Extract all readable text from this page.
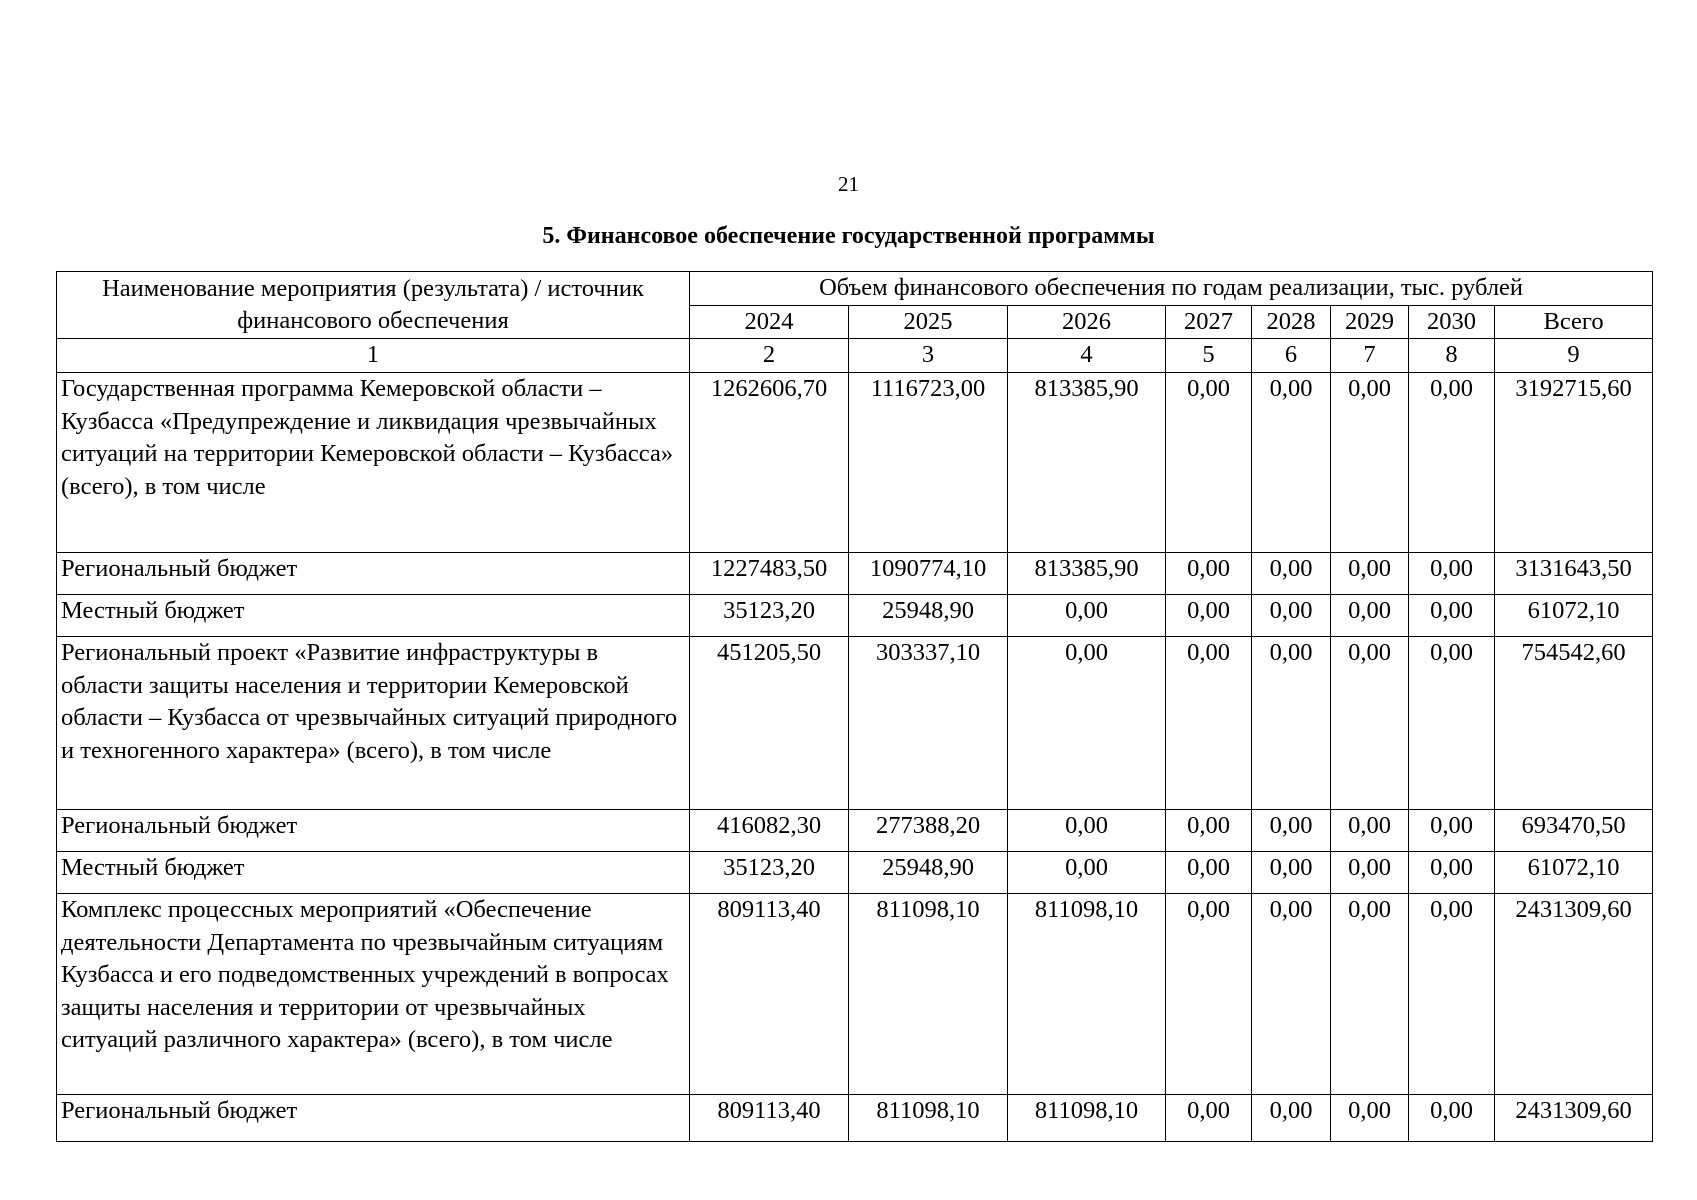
21
5. Финансовое обеспечение государственной программы
Наименование мероприятия (результата) / источник финансового обеспечения	Объем финансового обеспечения по годам реализации, тыс. рублей							
	2024	2025	2026	2027	2028	2029	2030	Всего
1	2	3	4	5	6	7	8	9
Государственная программа Кемеровской области – Кузбасса «Предупреждение и ликвидация чрезвычайных ситуаций на территории Кемеровской области – Кузбасса» (всего), в том числе	1262606,70	1116723,00	813385,90	0,00	0,00	0,00	0,00	3192715,60
Региональный бюджет	1227483,50	1090774,10	813385,90	0,00	0,00	0,00	0,00	3131643,50
Местный бюджет	35123,20	25948,90	0,00	0,00	0,00	0,00	0,00	61072,10
Региональный проект «Развитие инфраструктуры в области защиты населения и территории Кемеровской области – Кузбасса от чрезвычайных ситуаций природного и техногенного характера» (всего), в том числе	451205,50	303337,10	0,00	0,00	0,00	0,00	0,00	754542,60
Региональный бюджет	416082,30	277388,20	0,00	0,00	0,00	0,00	0,00	693470,50
Местный бюджет	35123,20	25948,90	0,00	0,00	0,00	0,00	0,00	61072,10
Комплекс процессных мероприятий «Обеспечение деятельности Департамента по чрезвычайным ситуациям Кузбасса и его подведомственных учреждений в вопросах защиты населения и территории от чрезвычайных ситуаций различного характера» (всего), в том числе	809113,40	811098,10	811098,10	0,00	0,00	0,00	0,00	2431309,60
Региональный бюджет	809113,40	811098,10	811098,10	0,00	0,00	0,00	0,00	2431309,60
